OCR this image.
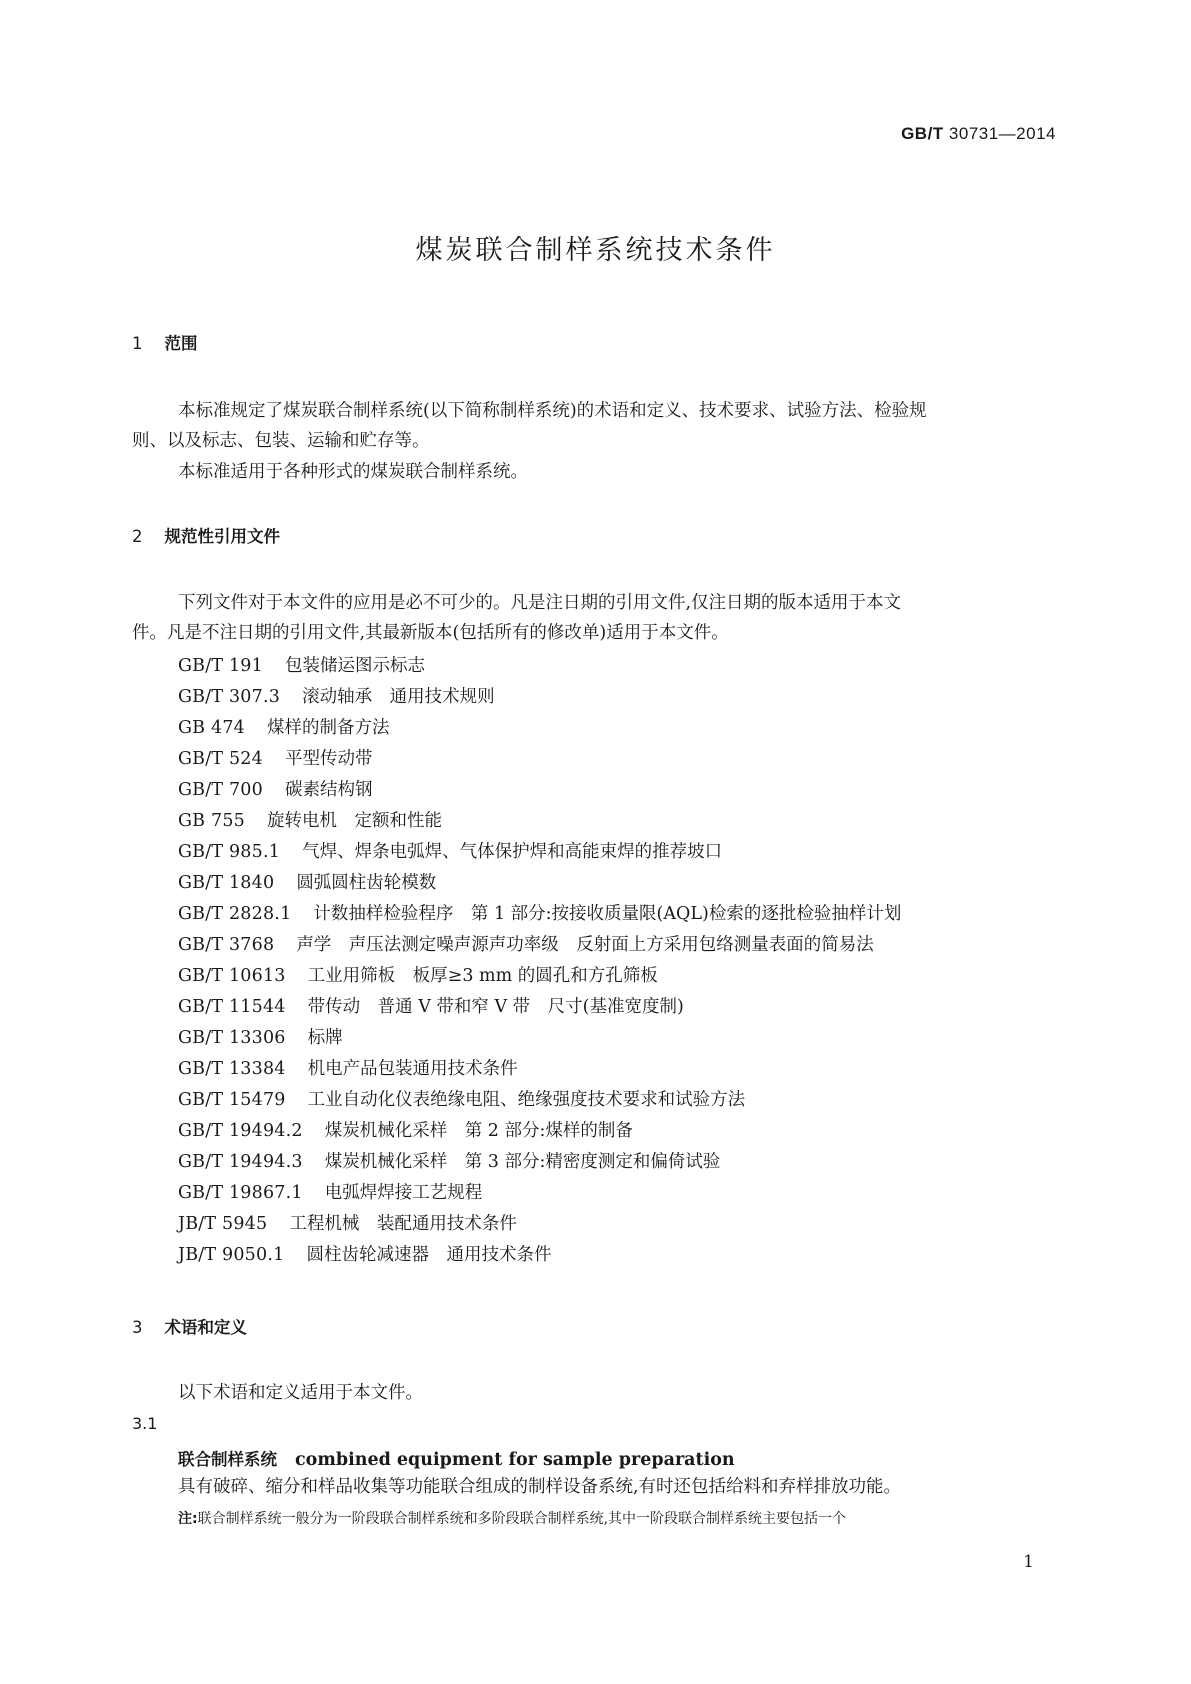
GB/T 30731—2014
煤炭联合制样系统技术条件
1 范围
本标准规定了煤炭联合制样系统(以下简称制样系统)的术语和定义、技术要求、试验方法、检验规
则、以及标志、包装、运输和贮存等。
本标准适用于各种形式的煤炭联合制样系统。
2 规范性引用文件
下列文件对于本文件的应用是必不可少的。凡是注日期的引用文件,仅注日期的版本适用于本文
件。凡是不注日期的引用文件,其最新版本(包括所有的修改单)适用于本文件。
GB/T 191 包装储运图示标志
GB/T 307.3 滚动轴承　通用技术规则
GB 474 煤样的制备方法
GB/T 524 平型传动带
GB/T 700 碳素结构钢
GB 755 旋转电机　定额和性能
GB/T 985.1 气焊、焊条电弧焊、气体保护焊和高能束焊的推荐坡口
GB/T 1840 圆弧圆柱齿轮模数
GB/T 2828.1 计数抽样检验程序　第 1 部分:按接收质量限(AQL)检索的逐批检验抽样计划
GB/T 3768 声学　声压法测定噪声源声功率级　反射面上方采用包络测量表面的简易法
GB/T 10613 工业用筛板　板厚≥3 mm 的圆孔和方孔筛板
GB/T 11544 带传动　普通 V 带和窄 V 带　尺寸(基准宽度制)
GB/T 13306 标牌
GB/T 13384 机电产品包装通用技术条件
GB/T 15479 工业自动化仪表绝缘电阻、绝缘强度技术要求和试验方法
GB/T 19494.2 煤炭机械化采样　第 2 部分:煤样的制备
GB/T 19494.3 煤炭机械化采样　第 3 部分:精密度测定和偏倚试验
GB/T 19867.1 电弧焊焊接工艺规程
JB/T 5945 工程机械　装配通用技术条件
JB/T 9050.1 圆柱齿轮减速器　通用技术条件
3 术语和定义
以下术语和定义适用于本文件。
3.1
联合制样系统 combined equipment for sample preparation
具有破碎、缩分和样品收集等功能联合组成的制样设备系统,有时还包括给料和弃样排放功能。
注:联合制样系统一般分为一阶段联合制样系统和多阶段联合制样系统,其中一阶段联合制样系统主要包括一个
1
